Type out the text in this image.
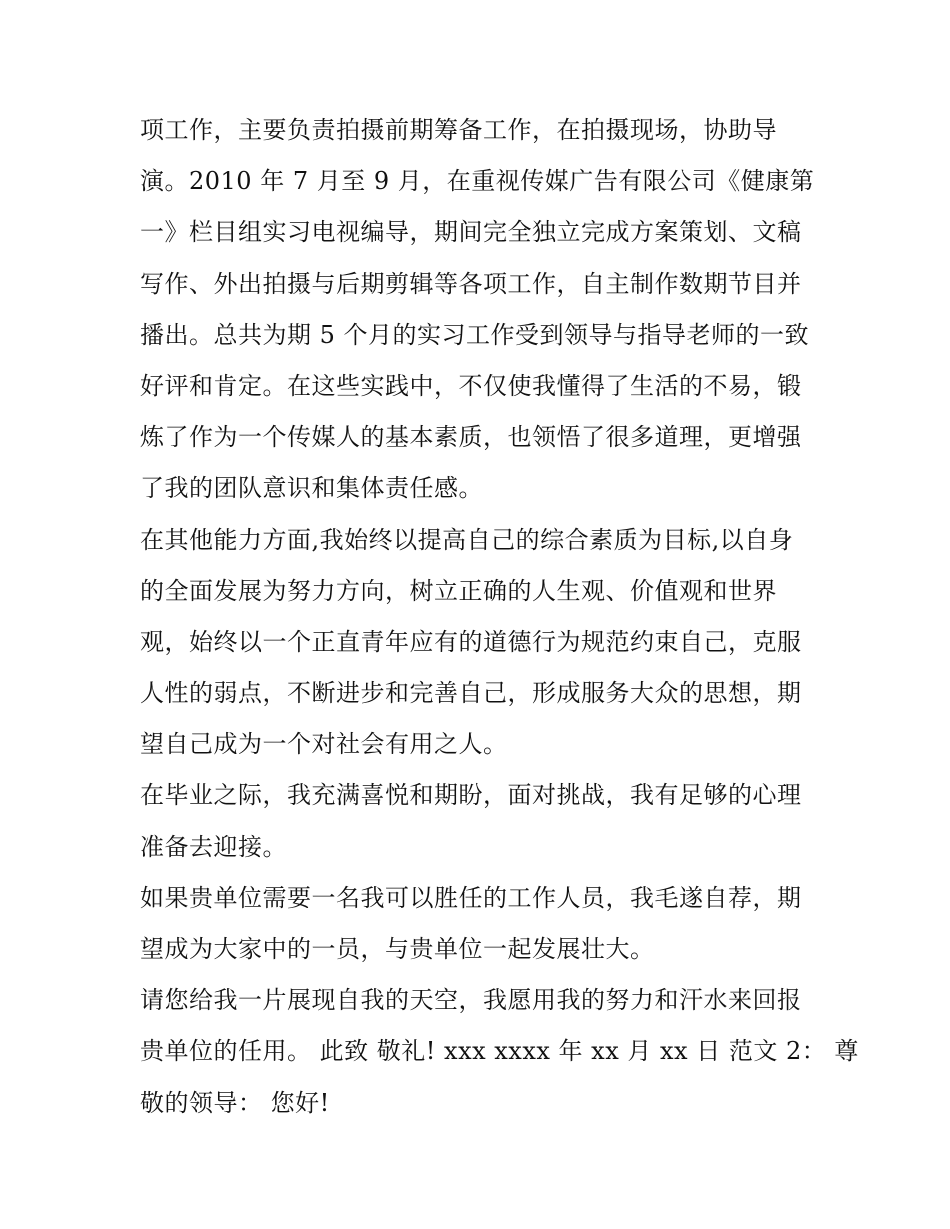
项工作，主要负责拍摄前期筹备工作，在拍摄现场，协助导
演。2010 年 7 月至 9 月，在重视传媒广告有限公司《健康第
一》栏目组实习电视编导，期间完全独立完成方案策划、文稿
写作、外出拍摄与后期剪辑等各项工作，自主制作数期节目并
播出。总共为期 5 个月的实习工作受到领导与指导老师的一致
好评和肯定。在这些实践中，不仅使我懂得了生活的不易，锻
炼了作为一个传媒人的基本素质，也领悟了很多道理，更增强
了我的团队意识和集体责任感。
在其他能力方面,我始终以提高自己的综合素质为目标,以自身
的全面发展为努力方向，树立正确的人生观、价值观和世界
观，始终以一个正直青年应有的道德行为规范约束自己，克服
人性的弱点，不断进步和完善自己，形成服务大众的思想，期
望自己成为一个对社会有用之人。
在毕业之际，我充满喜悦和期盼，面对挑战，我有足够的心理
准备去迎接。
如果贵单位需要一名我可以胜任的工作人员，我毛遂自荐，期
望成为大家中的一员，与贵单位一起发展壮大。
请您给我一片展现自我的天空，我愿用我的努力和汗水来回报
贵单位的任用。 此致 敬礼! xxx xxxx 年 xx 月 xx 日 范文 2： 尊
敬的领导： 您好!
